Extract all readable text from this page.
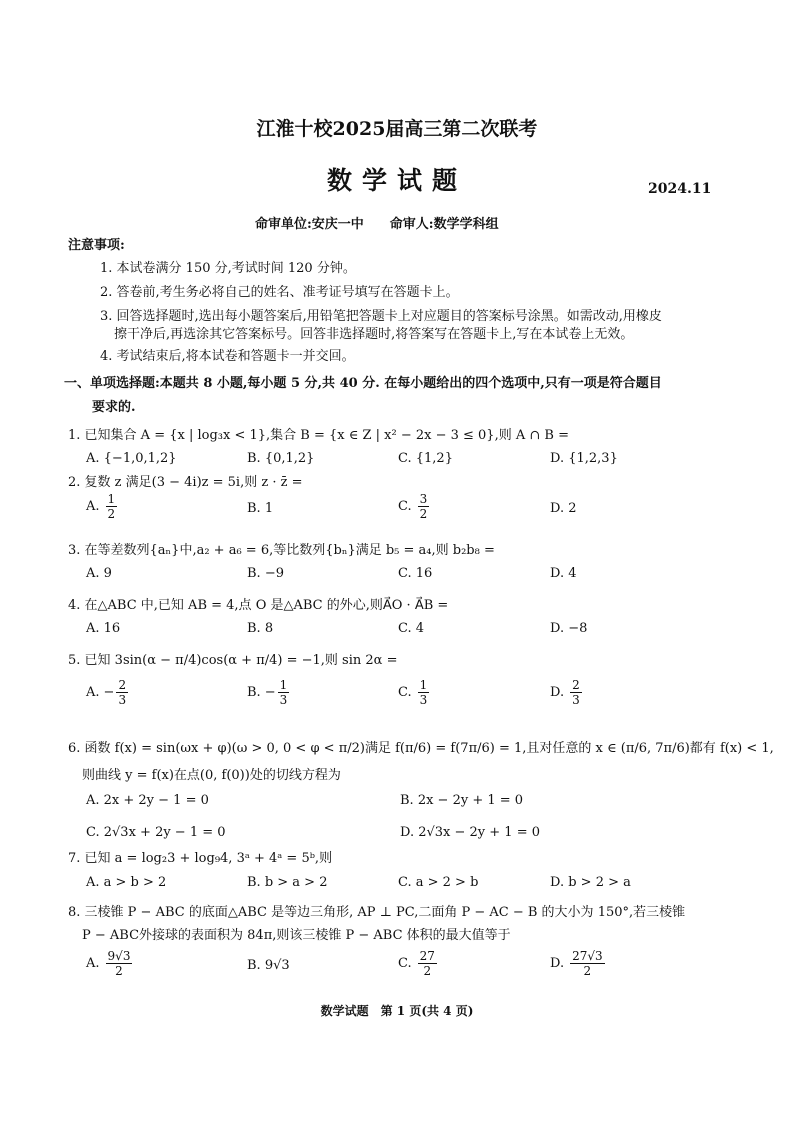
江淮十校2025届高三第二次联考
数学试题	2024.11
命审单位:安庆一中　　命审人:数学学科组
注意事项:
1. 本试卷满分 150 分,考试时间 120 分钟。
2. 答卷前,考生务必将自己的姓名、准考证号填写在答题卡上。
3. 回答选择题时,选出每小题答案后,用铅笔把答题卡上对应题目的答案标号涂黑。如需改动,用橡皮
擦干净后,再选涂其它答案标号。回答非选择题时,将答案写在答题卡上,写在本试卷上无效。
4. 考试结束后,将本试卷和答题卡一并交回。
一、单项选择题:本题共 8 小题,每小题 5 分,共 40 分. 在每小题给出的四个选项中,只有一项是符合题目
要求的.
1. 已知集合 A = {x | log₃x < 1},集合 B = {x ∈ Z | x² − 2x − 3 ≤ 0},则 A ∩ B =
A. {−1,0,1,2}	B. {0,1,2}	C. {1,2}	D. {1,2,3}
2. 复数 z 满足(3 − 4i)z = 5i,则 z · z̄ =
A. $\frac{1}{2}$	B. 1	C. $\frac{3}{2}$	D. 2
3. 在等差数列{aₙ}中,a₂ + a₆ = 6,等比数列{bₙ}满足 b₅ = a₄,则 b₂b₈ =
A. 9	B. −9	C. 16	D. 4
4. 在△ABC 中,已知 AB = 4,点 O 是△ABC 的外心,则A⃗O · A⃗B =
A. 16	B. 8	C. 4	D. −8
5. 已知 3sin(α − π/4)cos(α + π/4) = −1,则 sin 2α =
A. − $\frac{2}{3}$	B. − $\frac{1}{3}$	C. $\frac{1}{3}$	D. $\frac{2}{3}$
6. 函数 f(x) = sin(ωx + φ)(ω > 0, 0 < φ < π/2)满足 f(π/6) = f(7π/6) = 1,且对任意的 x ∈ (π/6, 7π/6)都有 f(x) < 1,
则曲线 y = f(x)在点(0, f(0))处的切线方程为
A. 2x + 2y − 1 = 0	B. 2x − 2y + 1 = 0
C. 2√3x + 2y − 1 = 0	D. 2√3x − 2y + 1 = 0
7. 已知 a = log₂3 + log₉4, 3ᵃ + 4ᵃ = 5ᵇ,则
A. a > b > 2	B. b > a > 2	C. a > 2 > b	D. b > 2 > a
8. 三棱锥 P − ABC 的底面△ABC 是等边三角形, AP ⊥ PC,二面角 P − AC − B 的大小为 150°,若三棱锥
P − ABC外接球的表面积为 84π,则该三棱锥 P − ABC 体积的最大值等于
A. $\frac{9√3}{2}$	B. 9√3	C. $\frac{27}{2}$	D. $\frac{27√3}{2}$
数学试题　第 1 页(共 4 页)
